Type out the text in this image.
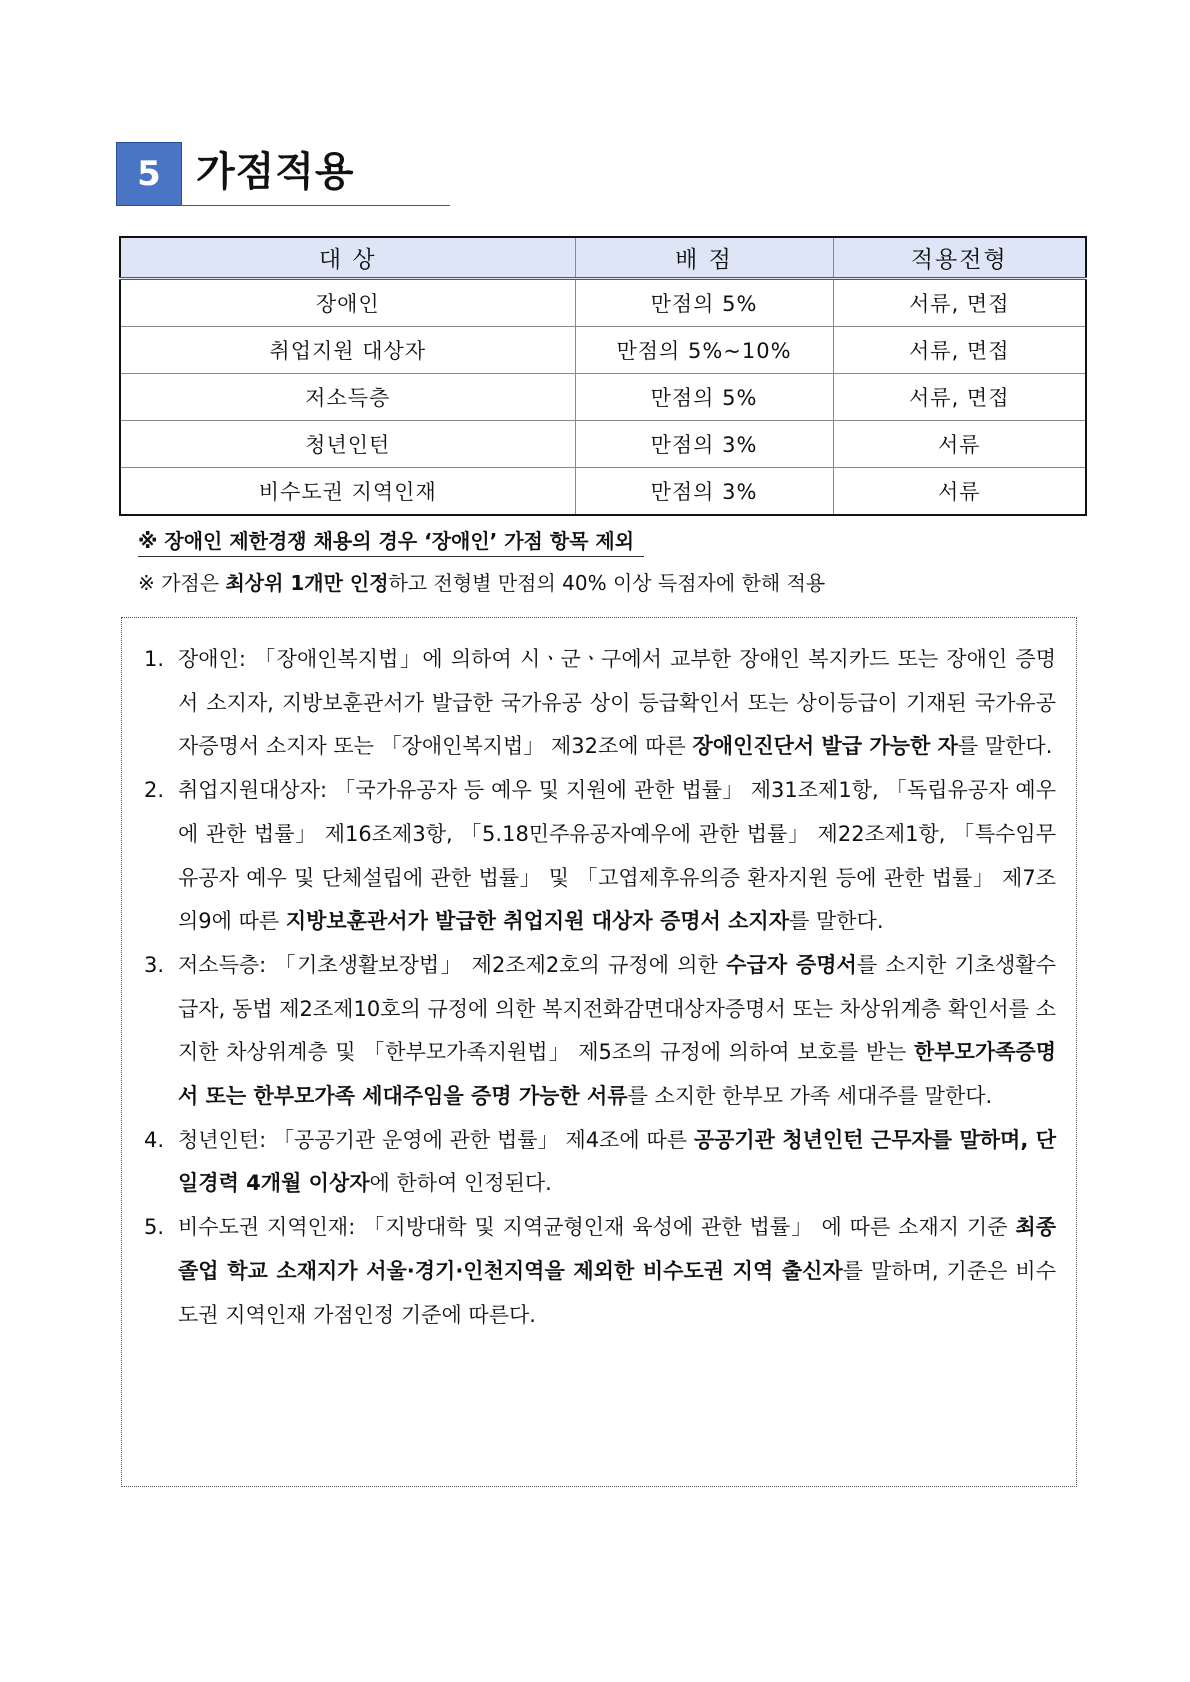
5 가점적용
대 상	배 점	적용전형
장애인	만점의 5%	서류, 면접
취업지원 대상자	만점의 5%~10%	서류, 면접
저소득층	만점의 5%	서류, 면접
청년인턴	만점의 3%	서류
비수도권 지역인재	만점의 3%	서류
※ 장애인 제한경쟁 채용의 경우 ‘장애인’ 가점 항목 제외
※ 가점은 최상위 1개만 인정하고 전형별 만점의 40% 이상 득점자에 한해 적용
1. 장애인: 「장애인복지법」에 의하여 시ㆍ군ㆍ구에서 교부한 장애인 복지카드 또는 장애인 증명서 소지자, 지방보훈관서가 발급한 국가유공 상이 등급확인서 또는 상이등급이 기재된 국가유공자증명서 소지자 또는 「장애인복지법」 제32조에 따른 장애인진단서 발급 가능한 자를 말한다.
2. 취업지원대상자: 「국가유공자 등 예우 및 지원에 관한 법률」 제31조제1항, 「독립유공자 예우에 관한 법률」 제16조제3항, 「5.18민주유공자예우에 관한 법률」 제22조제1항, 「특수임무유공자 예우 및 단체설립에 관한 법률」 및 「고엽제후유의증 환자지원 등에 관한 법률」 제7조의9에 따른 지방보훈관서가 발급한 취업지원 대상자 증명서 소지자를 말한다.
3. 저소득층: 「기초생활보장법」 제2조제2호의 규정에 의한 수급자 증명서를 소지한 기초생활수급자, 동법 제2조제10호의 규정에 의한 복지전화감면대상자증명서 또는 차상위계층 확인서를 소지한 차상위계층 및 「한부모가족지원법」 제5조의 규정에 의하여 보호를 받는 한부모가족증명서 또는 한부모가족 세대주임을 증명 가능한 서류를 소지한 한부모 가족 세대주를 말한다.
4. 청년인턴: 「공공기관 운영에 관한 법률」 제4조에 따른 공공기관 청년인턴 근무자를 말하며, 단일경력 4개월 이상자에 한하여 인정된다.
5. 비수도권 지역인재: 「지방대학 및 지역균형인재 육성에 관한 법률」 에 따른 소재지 기준 최종졸업 학교 소재지가 서울·경기·인천지역을 제외한 비수도권 지역 출신자를 말하며, 기준은 비수도권 지역인재 가점인정 기준에 따른다.
